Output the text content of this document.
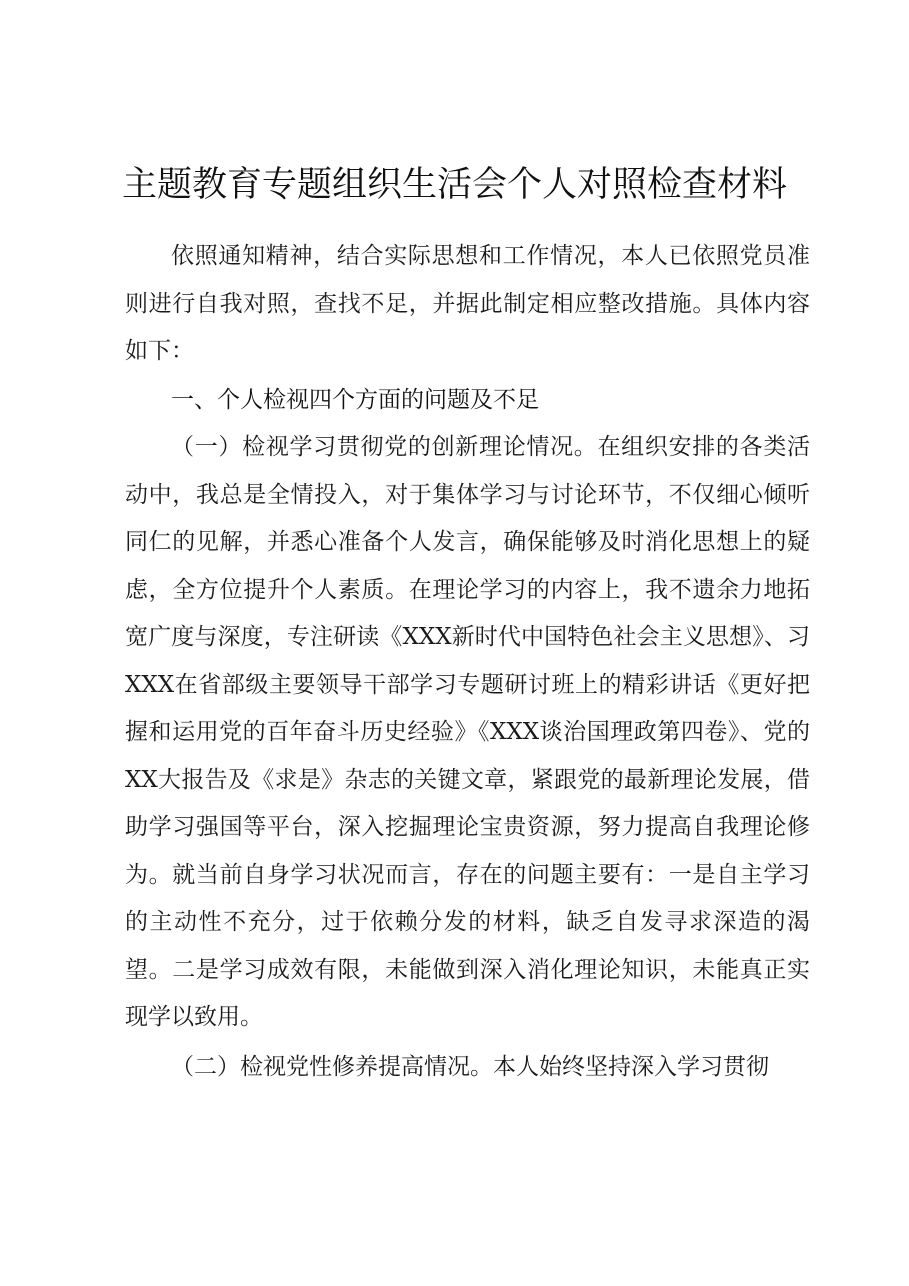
主题教育专题组织生活会个人对照检查材料

依照通知精神，结合实际思想和工作情况，本人已依照党员准则进行自我对照，查找不足，并据此制定相应整改措施。具体内容如下：

一、个人检视四个方面的问题及不足

（一）检视学习贯彻党的创新理论情况。在组织安排的各类活动中，我总是全情投入，对于集体学习与讨论环节，不仅细心倾听同仁的见解，并悉心准备个人发言，确保能够及时消化思想上的疑虑，全方位提升个人素质。在理论学习的内容上，我不遗余力地拓宽广度与深度，专注研读《XXX新时代中国特色社会主义思想》、习XXX在省部级主要领导干部学习专题研讨班上的精彩讲话《更好把握和运用党的百年奋斗历史经验》《XXX谈治国理政第四卷》、党的XX大报告及《求是》杂志的关键文章，紧跟党的最新理论发展，借助学习强国等平台，深入挖掘理论宝贵资源，努力提高自我理论修为。就当前自身学习状况而言，存在的问题主要有：一是自主学习的主动性不充分，过于依赖分发的材料，缺乏自发寻求深造的渴望。二是学习成效有限，未能做到深入消化理论知识，未能真正实现学以致用。

（二）检视党性修养提高情况。本人始终坚持深入学习贯彻
